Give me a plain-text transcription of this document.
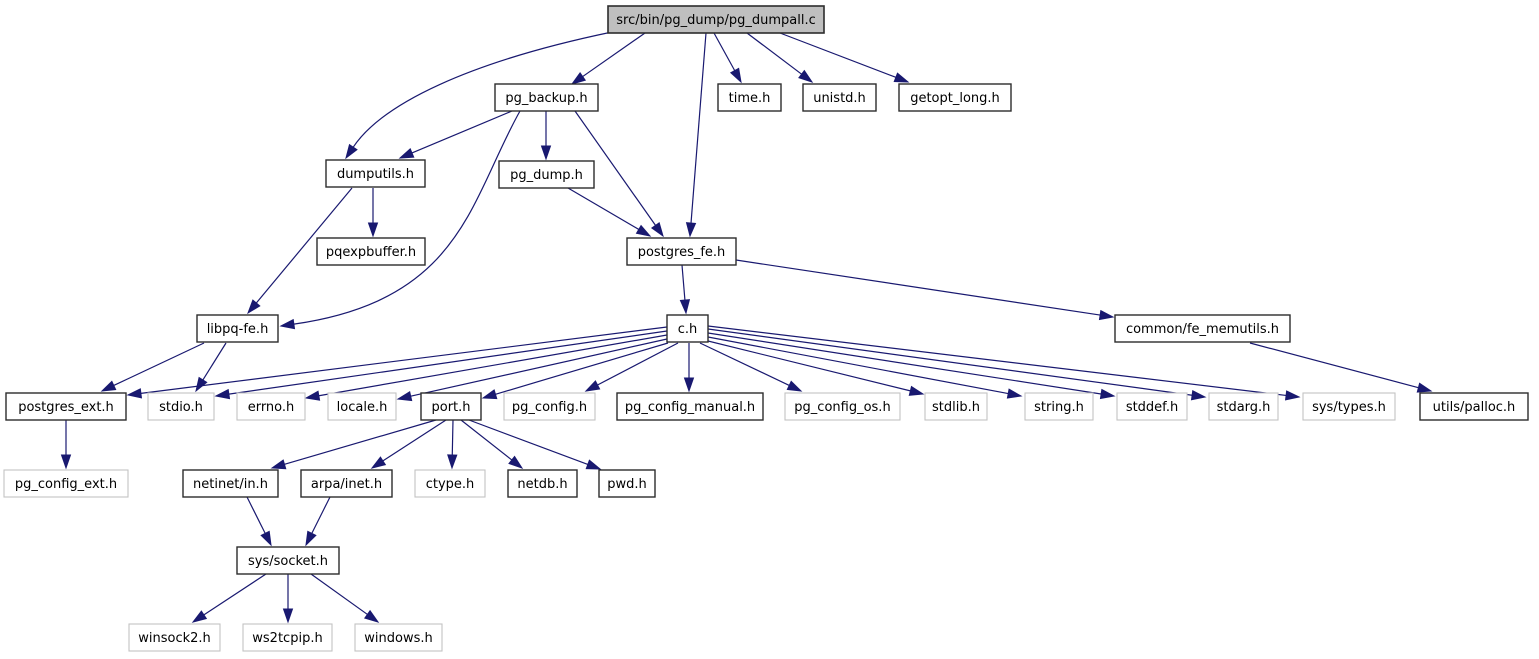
src/bin/pg_dump/pg_dumpall.c
pg_backup.h	time.h	unistd.h	getopt_long.h
dumputils.h	pg_dump.h
pqexpbuffer.h	postgres_fe.h
libpq-fe.h	c.h	common/fe_memutils.h
postgres_ext.h	stdio.h	errno.h	locale.h	port.h	pg_config.h	pg_config_manual.h	pg_config_os.h	stdlib.h	string.h	stddef.h	stdarg.h	sys/types.h	utils/palloc.h
pg_config_ext.h	netinet/in.h	arpa/inet.h	ctype.h	netdb.h	pwd.h
sys/socket.h
winsock2.h	ws2tcpip.h	windows.h
